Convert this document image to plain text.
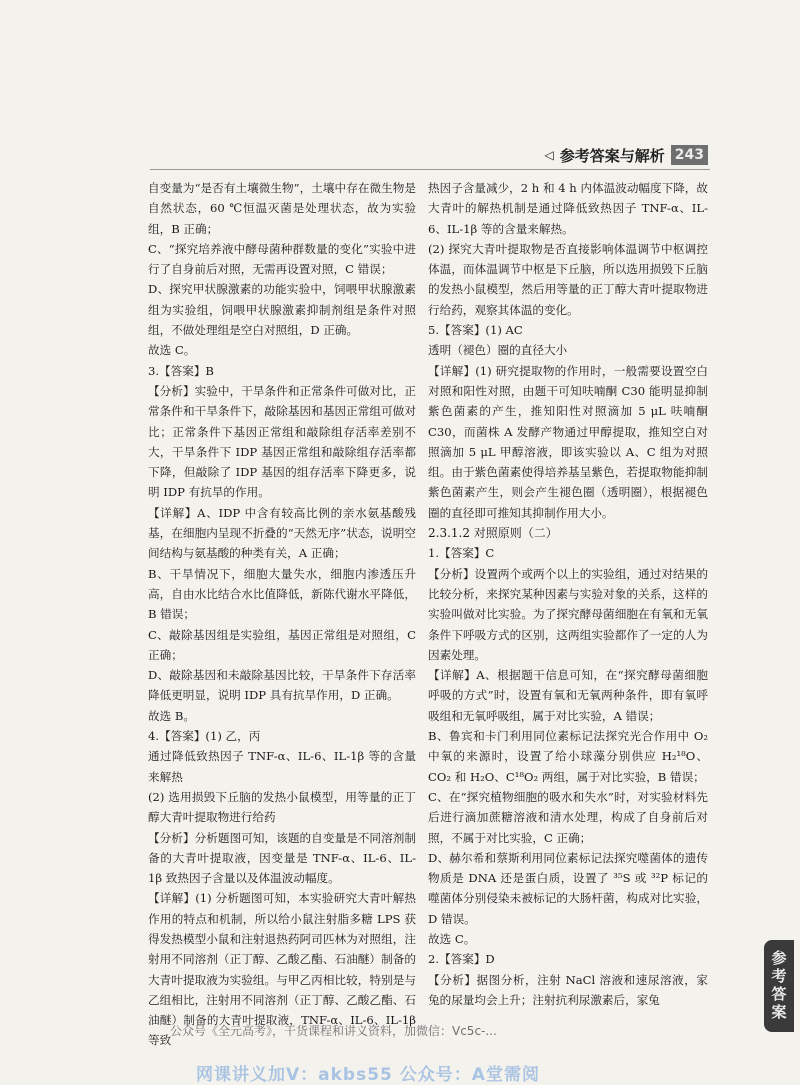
◁ 参考答案与解析 243

自变量为“是否有土壤微生物”，土壤中存在微生物是自然状态，60 ℃恒温灭菌是处理状态，故为实验组，B 正确；

C、“探究培养液中酵母菌种群数量的变化”实验中进行了自身前后对照，无需再设置对照，C 错误；

D、探究甲状腺激素的功能实验中，饲喂甲状腺激素组为实验组，饲喂甲状腺激素抑制剂组是条件对照组，不做处理组是空白对照组，D 正确。

故选 C。

3.【答案】B

【分析】实验中，干旱条件和正常条件可做对比，正常条件和干旱条件下，敲除基因和基因正常组可做对比；正常条件下基因正常组和敲除组存活率差别不大，干旱条件下 IDP 基因正常组和敲除组存活率都下降，但敲除了 IDP 基因的组存活率下降更多，说明 IDP 有抗旱的作用。

【详解】A、IDP 中含有较高比例的亲水氨基酸残基，在细胞内呈现不折叠的“天然无序”状态，说明空间结构与氨基酸的种类有关，A 正确；

B、干旱情况下，细胞大量失水，细胞内渗透压升高，自由水比结合水比值降低，新陈代谢水平降低，B 错误；

C、敲除基因组是实验组，基因正常组是对照组，C 正确；

D、敲除基因和未敲除基因比较，干旱条件下存活率降低更明显，说明 IDP 具有抗旱作用，D 正确。

故选 B。

4.【答案】(1) 乙，丙

通过降低致热因子 TNF-α、IL-6、IL-1β 等的含量来解热

(2) 选用损毁下丘脑的发热小鼠模型，用等量的正丁醇大青叶提取物进行给药

【分析】分析题图可知，该题的自变量是不同溶剂制备的大青叶提取液，因变量是 TNF-α、IL-6、IL-1β 致热因子含量以及体温波动幅度。

【详解】(1) 分析题图可知，本实验研究大青叶解热作用的特点和机制，所以给小鼠注射脂多糖 LPS 获得发热模型小鼠和注射退热药阿司匹林为对照组，注射用不同溶剂（正丁醇、乙酸乙酯、石油醚）制备的大青叶提取液为实验组。与甲乙丙相比较，特别是与乙组相比，注射用不同溶剂（正丁醇、乙酸乙酯、石油醚）制备的大青叶提取液，TNF-α、IL-6、IL-1β 等致

热因子含量减少，2 h 和 4 h 内体温波动幅度下降，故大青叶的解热机制是通过降低致热因子 TNF-α、IL-6、IL-1β 等的含量来解热。

(2) 探究大青叶提取物是否直接影响体温调节中枢调控体温，而体温调节中枢是下丘脑，所以选用损毁下丘脑的发热小鼠模型，然后用等量的正丁醇大青叶提取物进行给药，观察其体温的变化。

5.【答案】(1) AC

透明（褪色）圈的直径大小

【详解】(1) 研究提取物的作用时，一般需要设置空白对照和阳性对照，由题干可知呋喃酮 C30 能明显抑制紫色菌素的产生，推知阳性对照滴加 5 μL 呋喃酮 C30，而菌株 A 发酵产物通过甲醇提取，推知空白对照滴加 5 μL 甲醇溶液，即该实验以 A、C 组为对照组。由于紫色菌素使得培养基呈紫色，若提取物能抑制紫色菌素产生，则会产生褪色圈（透明圈），根据褪色圈的直径即可推知其抑制作用大小。

2.3.1.2 对照原则（二）

1.【答案】C

【分析】设置两个或两个以上的实验组，通过对结果的比较分析，来探究某种因素与实验对象的关系，这样的实验叫做对比实验。为了探究酵母菌细胞在有氧和无氧条件下呼吸方式的区别，这两组实验都作了一定的人为因素处理。

【详解】A、根据题干信息可知，在“探究酵母菌细胞呼吸的方式”时，设置有氧和无氧两种条件，即有氧呼吸组和无氧呼吸组，属于对比实验，A 错误；

B、鲁宾和卡门利用同位素标记法探究光合作用中 O₂ 中氧的来源时，设置了给小球藻分别供应 H₂¹⁸O、CO₂ 和 H₂O、C¹⁸O₂ 两组，属于对比实验，B 错误；

C、在“探究植物细胞的吸水和失水”时，对实验材料先后进行滴加蔗糖溶液和清水处理，构成了自身前后对照，不属于对比实验，C 正确；

D、赫尔希和蔡斯利用同位素标记法探究噬菌体的遗传物质是 DNA 还是蛋白质，设置了 ³⁵S 或 ³²P 标记的噬菌体分别侵染未被标记的大肠杆菌，构成对比实验，D 错误。

故选 C。

2.【答案】D

【分析】据图分析，注射 NaCl 溶液和速尿溶液，家兔的尿量均会上升；注射抗利尿激素后，家兔	参考答案
公众号《全元高考》，干货课程和讲义资料，加微信：Vc5c-...
网课讲义加V：akbs55 公众号：A堂需阅
